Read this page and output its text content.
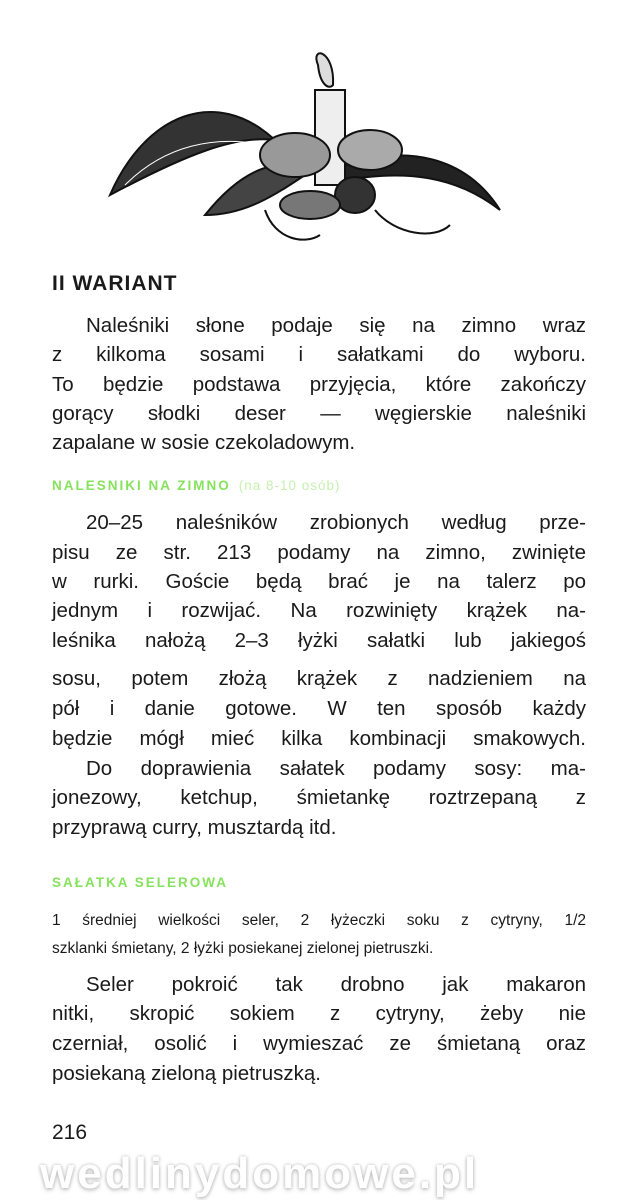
II WARIANT
Naleśniki słone podaje się na zimno wraz
z kilkoma sosami i sałatkami do wyboru.
To będzie podstawa przyjęcia, które zakończy
gorący słodki deser — węgierskie naleśniki
zapalane w sosie czekoladowym.
NALESNIKI NA ZIMNO (na 8-10 osób)
20–25 naleśników zrobionych według prze-
pisu ze str. 213 podamy na zimno, zwinięte
w rurki. Goście będą brać je na talerz po
jednym i rozwijać. Na rozwinięty krążek na-
leśnika nałożą 2–3 łyżki sałatki lub jakiegoś
sosu, potem złożą krążek z nadzieniem na
pół i danie gotowe. W ten sposób każdy
będzie mógł mieć kilka kombinacji smakowych.
Do doprawienia sałatek podamy sosy: ma-
jonezowy, ketchup, śmietankę roztrzepaną z
przyprawą curry, musztardą itd.
SAŁATKA SELEROWA
1 średniej wielkości seler, 2 łyżeczki soku z cytryny, 1/2
szklanki śmietany, 2 łyżki posiekanej zielonej pietruszki.
Seler pokroić tak drobno jak makaron
nitki, skropić sokiem z cytryny, żeby nie
czerniał, osolić i wymieszać ze śmietaną oraz
posiekaną zieloną pietruszką.
216
wedlinydomowe.pl
